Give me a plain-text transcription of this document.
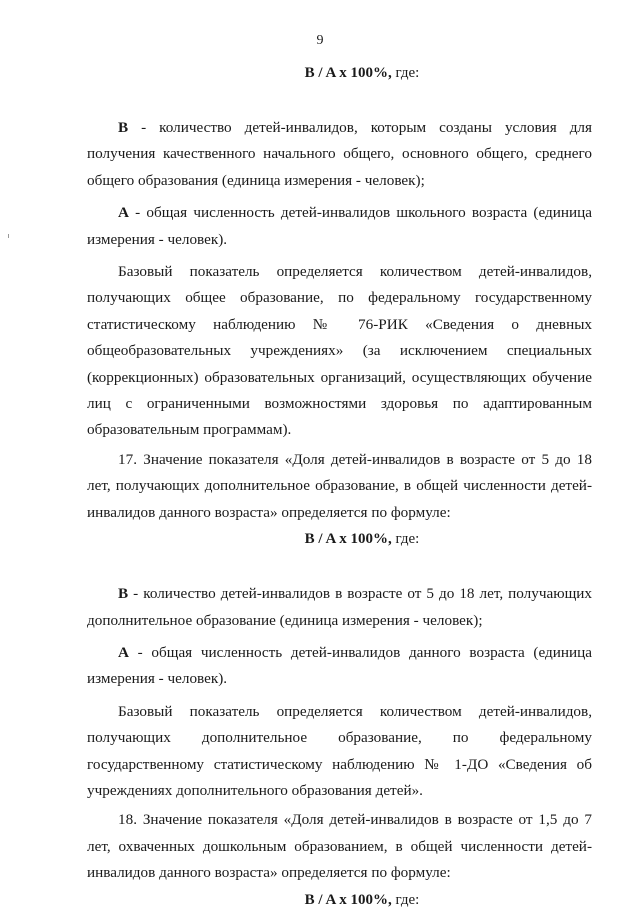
9

B / A x 100%, где:

B - количество детей-инвалидов, которым созданы условия для получения качественного начального общего, основного общего, среднего общего образования (единица измерения - человек);

А - общая численность детей-инвалидов школьного возраста (единица измерения - человек).

Базовый показатель определяется количеством детей-инвалидов, получающих общее образование, по федеральному государственному статистическому наблюдению № 76-РИК «Сведения о дневных общеобразовательных учреждениях» (за исключением специальных (коррекционных) образовательных организаций, осуществляющих обучение лиц с ограниченными возможностями здоровья по адаптированным образовательным программам).

17. Значение показателя «Доля детей-инвалидов в возрасте от 5 до 18 лет, получающих дополнительное образование, в общей численности детей-инвалидов данного возраста» определяется по формуле:

B / A x 100%, где:

B - количество детей-инвалидов в возрасте от 5 до 18 лет, получающих дополнительное образование (единица измерения - человек);

А - общая численность детей-инвалидов данного возраста (единица измерения - человек).

Базовый показатель определяется количеством детей-инвалидов, получающих дополнительное образование, по федеральному государственному статистическому наблюдению № 1-ДО «Сведения об учреждениях дополнительного образования детей».

18. Значение показателя «Доля детей-инвалидов в возрасте от 1,5 до 7 лет, охваченных дошкольным образованием, в общей численности детей-инвалидов данного возраста» определяется по формуле:

B / A x 100%, где:
